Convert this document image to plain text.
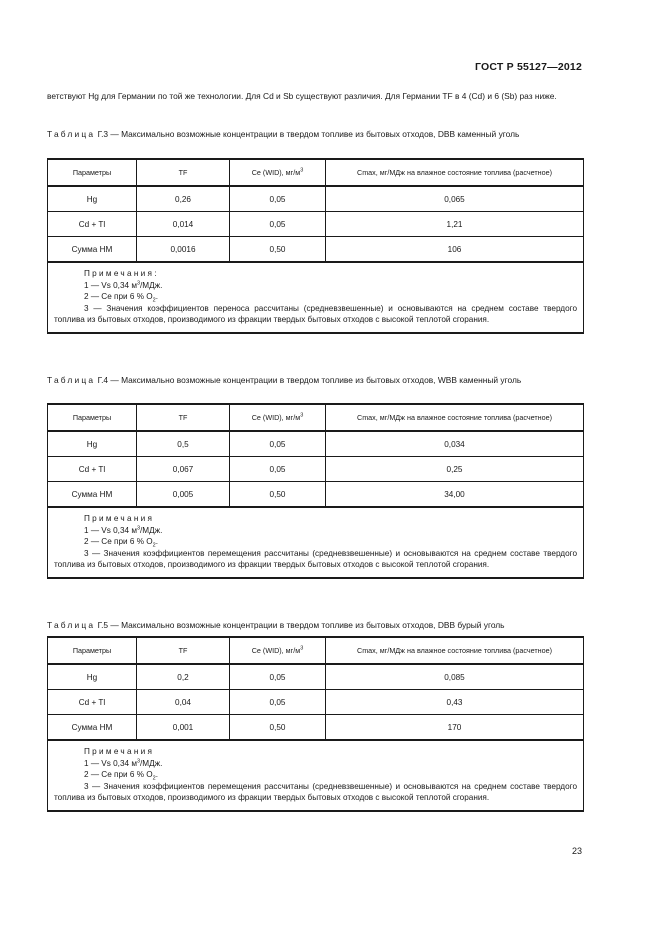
ГОСТ Р 55127—2012
ветствуют Hg для Германии по той же технологии. Для Cd и Sb существуют различия. Для Германии TF в 4 (Cd) и 6 (Sb) раз ниже.
Таблица Г.3 — Максимально возможные концентрации в твердом топливе из бытовых отходов, DBB каменный уголь
Параметры	TF	Ce (WID), $мг/м^3$	Cmax, мг/МДж на влажное состояние топлива (расчетное)
Hg	0,26	0,05	0,065
Cd + Tl	0,014	0,05	1,21
Сумма НМ	0,0016	0,50	106

Примечания:
1 — Vs 0,34 $м^3$/МДж.
2 — Ce при 6 % $O_2$.
3 — Значения коэффициентов переноса рассчитаны (средневзвешенные) и основываются на среднем составе твердого топлива из бытовых отходов, производимого из фракции твердых бытовых отходов с высокой теплотой сгорания.			
Таблица Г.4 — Максимально возможные концентрации в твердом топливе из бытовых отходов, WBB каменный уголь
Параметры	TF	Ce (WID), $мг/м^3$	Cmax, мг/МДж на влажное состояние топлива (расчетное)
Hg	0,5	0,05	0,034
Cd + Tl	0,067	0,05	0,25
Сумма НМ	0,005	0,50	34,00

Примечания
1 — Vs 0,34 $м^3$/МДж.
2 — Ce при 6 % $O_2$.
3 — Значения коэффициентов перемещения рассчитаны (средневзвешенные) и основываются на среднем составе твердого топлива из бытовых отходов, производимого из фракции твердых бытовых отходов с высокой теплотой сгорания.			
Таблица Г.5 — Максимально возможные концентрации в твердом топливе из бытовых отходов, DBB бурый уголь
Параметры	TF	Ce (WID), $мг/м^3$	Cmax, мг/МДж на влажное состояние топлива (расчетное)
Hg	0,2	0,05	0,085
Cd + Tl	0,04	0,05	0,43
Сумма НМ	0,001	0,50	170

Примечания
1 — Vs 0,34 $м^3$/МДж.
2 — Ce при 6 % $O_2$.
3 — Значения коэффициентов перемещения рассчитаны (средневзвешенные) и основываются на среднем составе твердого топлива из бытовых отходов, производимого из фракции твердых бытовых отходов с высокой теплотой сгорания.			
23
